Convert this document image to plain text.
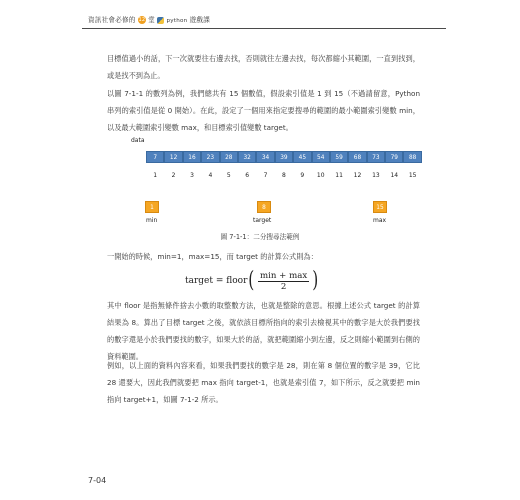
資訊社會必修的 12 堂 python 遊戲課
目標值過小的話，下一次就要往右邊去找，否則就往左邊去找，每次都縮小其範圍，一直到找到，或是找不到為止。
以圖 7-1-1 的數列為例，我們總共有 15 個數值，假設索引值是 1 到 15（不過請留意，Python 串列的索引值是從 0 開始）。在此，設定了一個用來指定要搜尋的範圍的最小範圍索引變數 min，以及最大範圍索引變數 max，和目標索引值變數 target。
data
7	12	16	23	28	32	34	39	45	54	59	68	73	79	88
1	2	3	4	5	6	7	8	9	10	11	12	13	14	15
1	8	15
min	target	max
圖 7-1-1：二分搜尋法範例
一開始的時候，min=1，max=15，而 target 的計算公式則為：
target = floor ( $\frac{\min + \max}{2}$ )
其中 floor 是指無條件捨去小數的取整數方法，也就是整除的意思。根據上述公式 target 的計算結果為 8。算出了目標 target 之後，就依該目標所指向的索引去檢視其中的數字是大於我們要找的數字還是小於我們要找的數字，如果大於的話，就把範圍縮小到左邊，反之則縮小範圍到右側的資料範圍。
例如，以上面的資料內容來看，如果我們要找的數字是 28，則在第 8 個位置的數字是 39，它比 28 還要大，因此我們就要把 max 指向 target-1，也就是索引值 7，如下所示，反之就要把 min 指向 target+1，如圖 7-1-2 所示。
7-04
